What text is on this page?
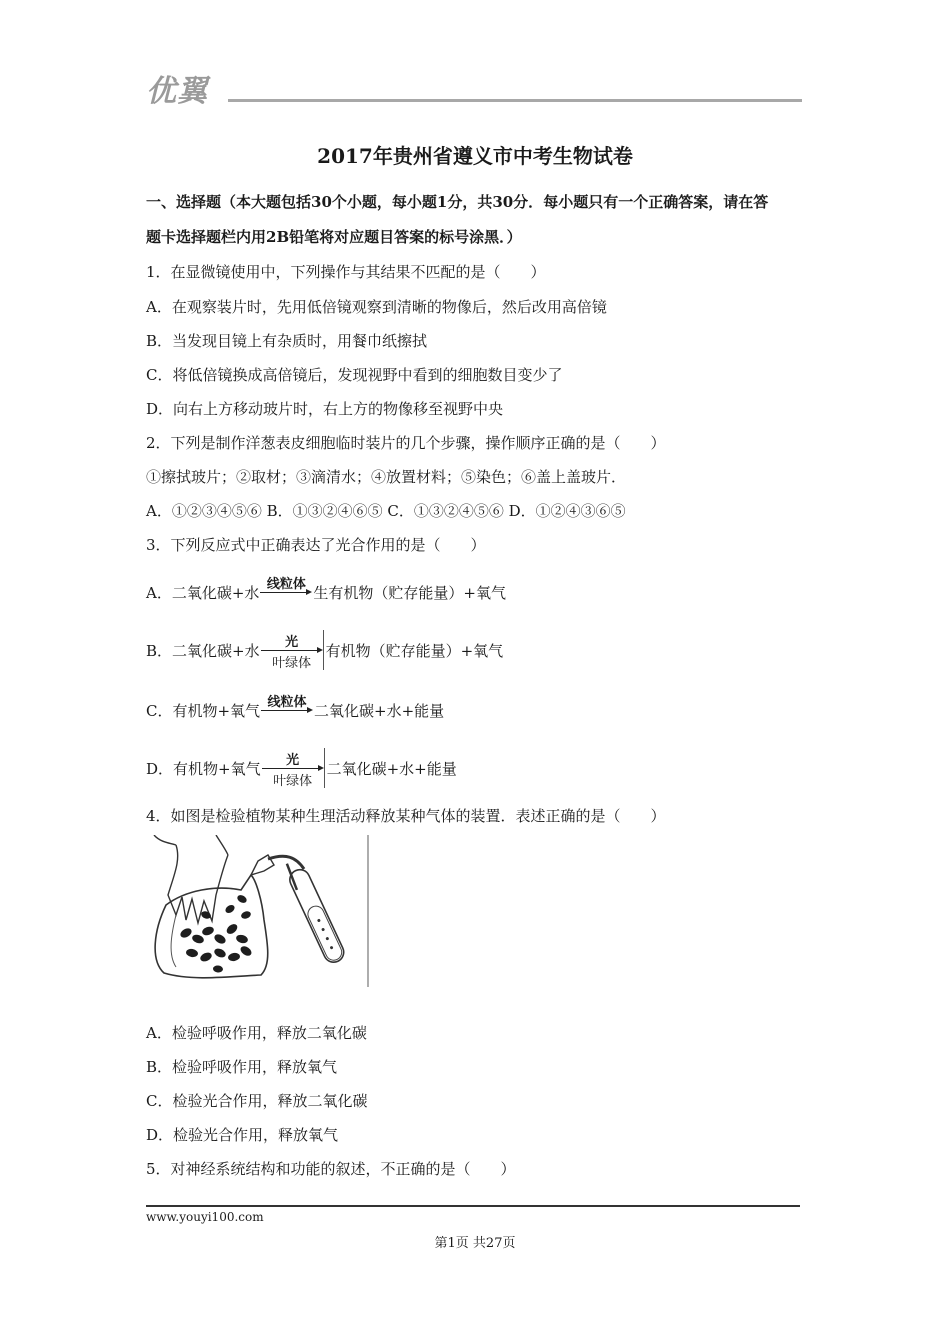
优翼
2017年贵州省遵义市中考生物试卷
一、选择题（本大题包括30个小题，每小题1分，共30分．每小题只有一个正确答案，请在答
题卡选择题栏内用2B铅笔将对应题目答案的标号涂黑．）
1．在显微镜使用中，下列操作与其结果不匹配的是（　　）
A．在观察装片时，先用低倍镜观察到清晰的物像后，然后改用高倍镜
B．当发现目镜上有杂质时，用餐巾纸擦拭
C．将低倍镜换成高倍镜后，发现视野中看到的细胞数目变少了
D．向右上方移动玻片时，右上方的物像移至视野中央
2．下列是制作洋葱表皮细胞临时装片的几个步骤，操作顺序正确的是（　　）
①擦拭玻片；②取材；③滴清水；④放置材料；⑤染色；⑥盖上盖玻片．
A．①②③④⑤⑥ B．①③②④⑥⑤ C．①③②④⑤⑥ D．①②④③⑥⑤
3．下列反应式中正确表达了光合作用的是（　　）
A．二氧化碳+水 线粒体 生有机物（贮存能量）+氧气
B．二氧化碳+水	光
叶绿体
有机物（贮存能量）+氧气
C．有机物+氧气 线粒体 二氧化碳+水+能量
D．有机物+氧气	光
叶绿体
二氧化碳+水+能量
4．如图是检验植物某种生理活动释放某种气体的装置．表述正确的是（　　）
A．检验呼吸作用，释放二氧化碳
B．检验呼吸作用，释放氧气
C．检验光合作用，释放二氧化碳
D．检验光合作用，释放氧气
5．对神经系统结构和功能的叙述，不正确的是（　　）
www.youyi100.com
第1页 共27页
